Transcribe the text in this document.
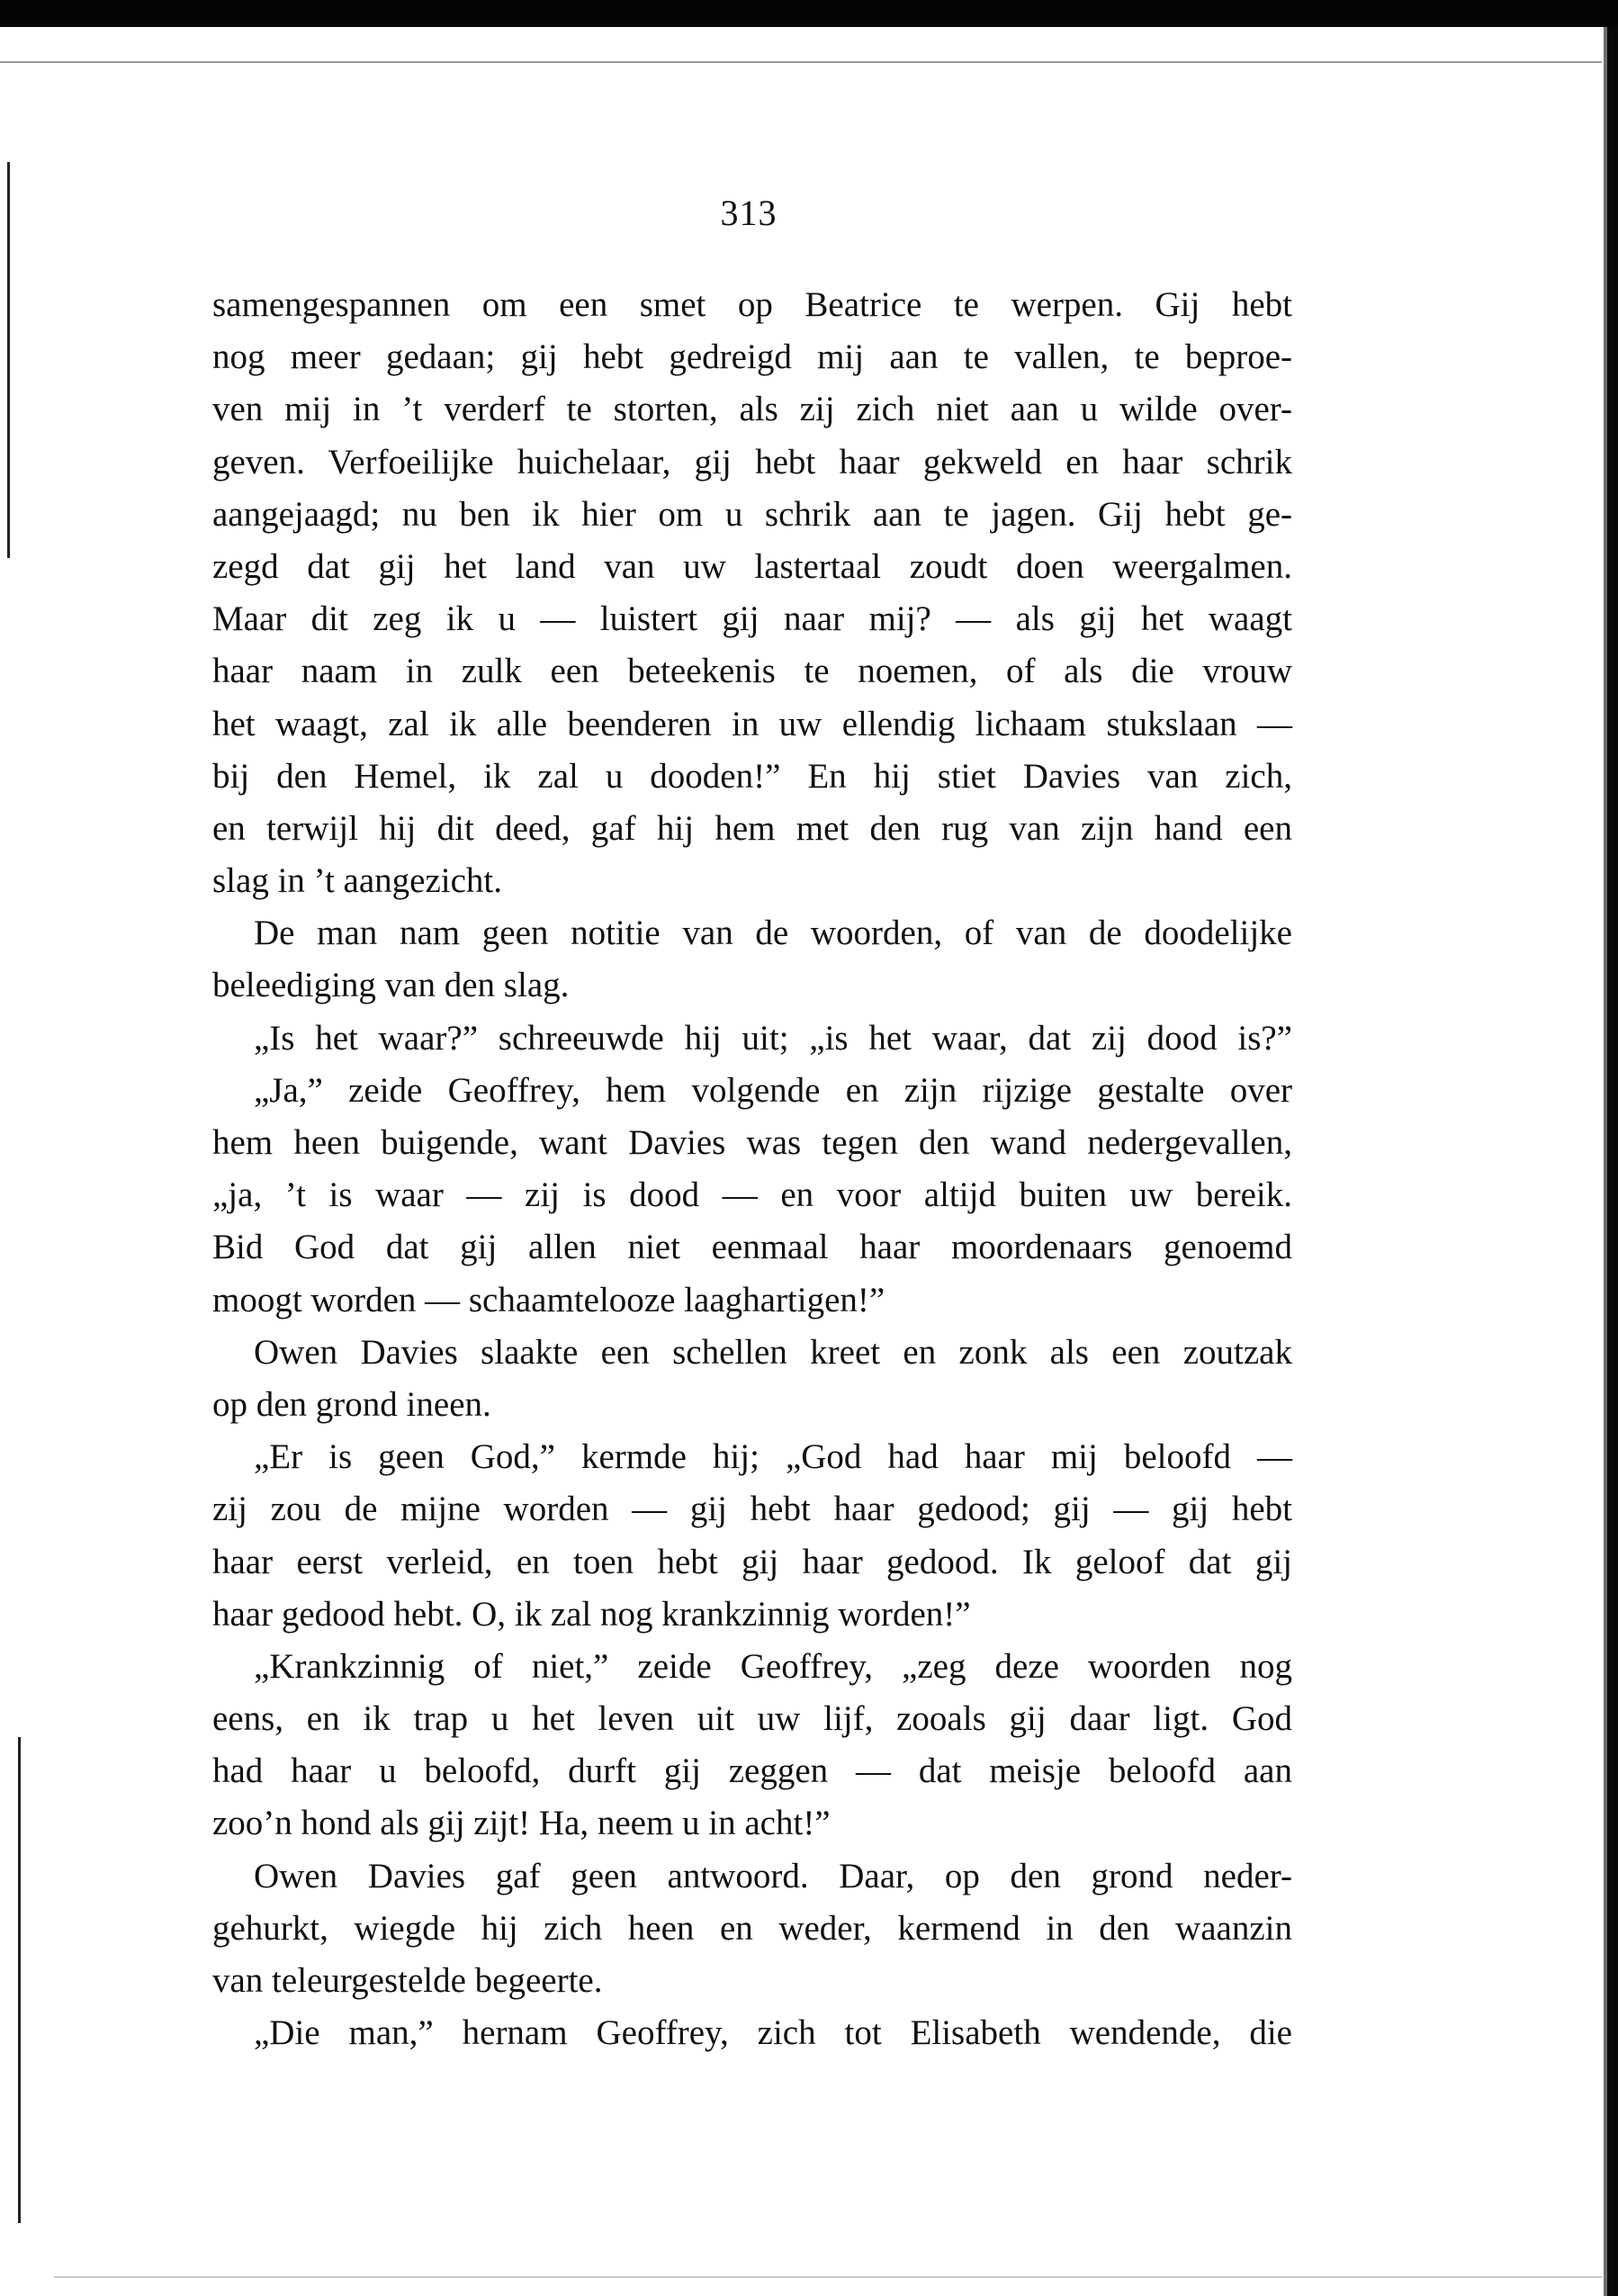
313
samengespannen om een smet op Beatrice te werpen. Gij hebt
nog meer gedaan; gij hebt gedreigd mij aan te vallen, te beproe-
ven mij in ’t verderf te storten, als zij zich niet aan u wilde over-
geven. Verfoeilijke huichelaar, gij hebt haar gekweld en haar schrik
aangejaagd; nu ben ik hier om u schrik aan te jagen. Gij hebt ge-
zegd dat gij het land van uw lastertaal zoudt doen weergalmen.
Maar dit zeg ik u — luistert gij naar mij? — als gij het waagt
haar naam in zulk een beteekenis te noemen, of als die vrouw
het waagt, zal ik alle beenderen in uw ellendig lichaam stukslaan —
bij den Hemel, ik zal u dooden!” En hij stiet Davies van zich,
en terwijl hij dit deed, gaf hij hem met den rug van zijn hand een
slag in ’t aangezicht.
De man nam geen notitie van de woorden, of van de doodelijke
beleediging van den slag.
„Is het waar?” schreeuwde hij uit; „is het waar, dat zij dood is?”
„Ja,” zeide Geoffrey, hem volgende en zijn rijzige gestalte over
hem heen buigende, want Davies was tegen den wand nedergevallen,
„ja, ’t is waar — zij is dood — en voor altijd buiten uw bereik.
Bid God dat gij allen niet eenmaal haar moordenaars genoemd
moogt worden — schaamtelooze laaghartigen!”
Owen Davies slaakte een schellen kreet en zonk als een zoutzak
op den grond ineen.
„Er is geen God,” kermde hij; „God had haar mij beloofd —
zij zou de mijne worden — gij hebt haar gedood; gij — gij hebt
haar eerst verleid, en toen hebt gij haar gedood. Ik geloof dat gij
haar gedood hebt. O, ik zal nog krankzinnig worden!”
„Krankzinnig of niet,” zeide Geoffrey, „zeg deze woorden nog
eens, en ik trap u het leven uit uw lijf, zooals gij daar ligt. God
had haar u beloofd, durft gij zeggen — dat meisje beloofd aan
zoo’n hond als gij zijt! Ha, neem u in acht!”
Owen Davies gaf geen antwoord. Daar, op den grond neder-
gehurkt, wiegde hij zich heen en weder, kermend in den waanzin
van teleurgestelde begeerte.
„Die man,” hernam Geoffrey, zich tot Elisabeth wendende, die
